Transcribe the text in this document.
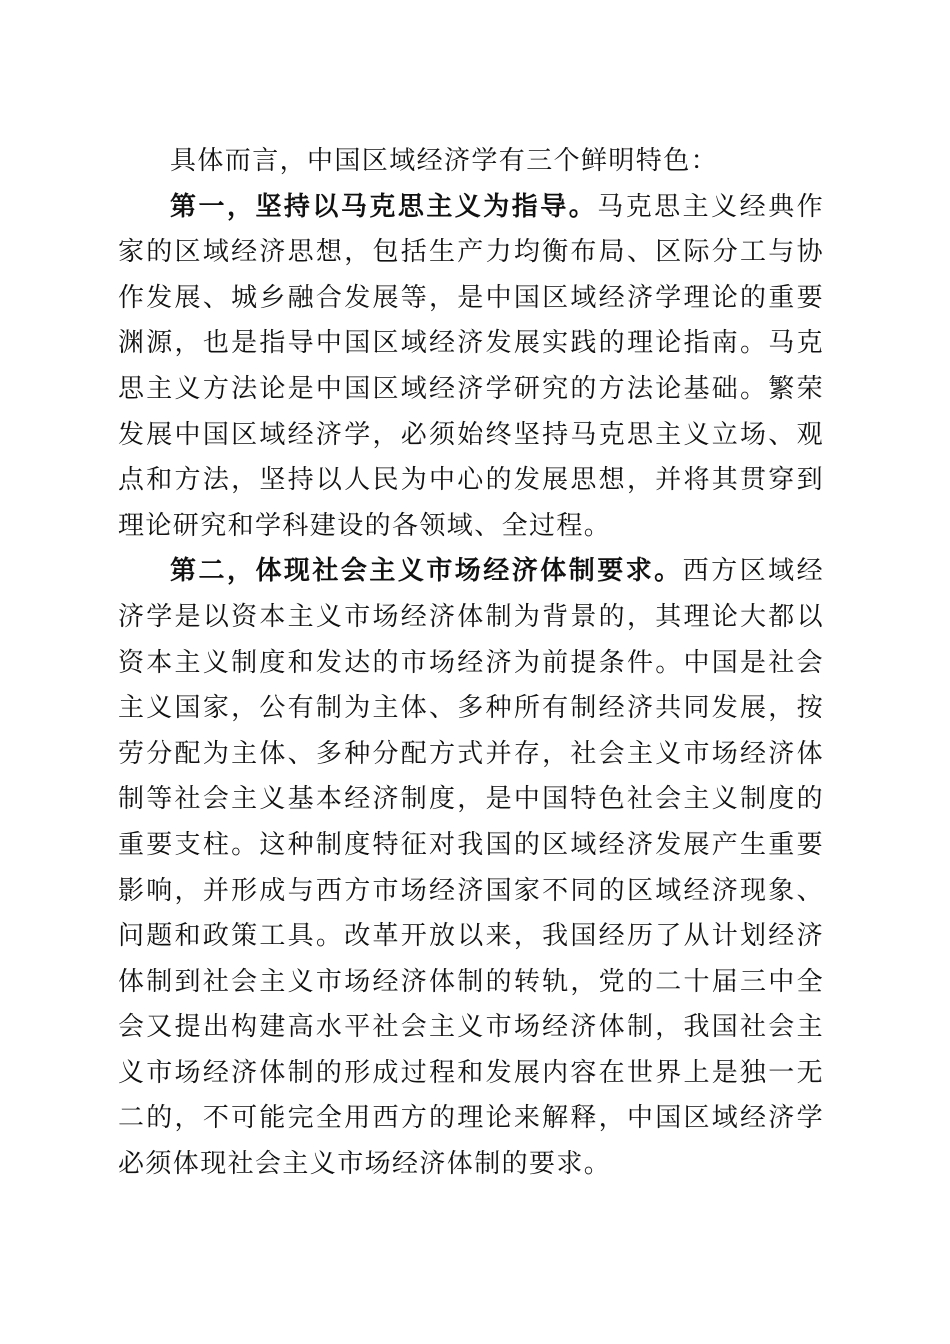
具体而言，中国区域经济学有三个鲜明特色：

第一，坚持以马克思主义为指导。马克思主义经典作家的区域经济思想，包括生产力均衡布局、区际分工与协作发展、城乡融合发展等，是中国区域经济学理论的重要渊源，也是指导中国区域经济发展实践的理论指南。马克思主义方法论是中国区域经济学研究的方法论基础。繁荣发展中国区域经济学，必须始终坚持马克思主义立场、观点和方法，坚持以人民为中心的发展思想，并将其贯穿到理论研究和学科建设的各领域、全过程。

第二，体现社会主义市场经济体制要求。西方区域经济学是以资本主义市场经济体制为背景的，其理论大都以资本主义制度和发达的市场经济为前提条件。中国是社会主义国家，公有制为主体、多种所有制经济共同发展，按劳分配为主体、多种分配方式并存，社会主义市场经济体制等社会主义基本经济制度，是中国特色社会主义制度的重要支柱。这种制度特征对我国的区域经济发展产生重要影响，并形成与西方市场经济国家不同的区域经济现象、问题和政策工具。改革开放以来，我国经历了从计划经济体制到社会主义市场经济体制的转轨，党的二十届三中全会又提出构建高水平社会主义市场经济体制，我国社会主义市场经济体制的形成过程和发展内容在世界上是独一无二的，不可能完全用西方的理论来解释，中国区域经济学必须体现社会主义市场经济体制的要求。
